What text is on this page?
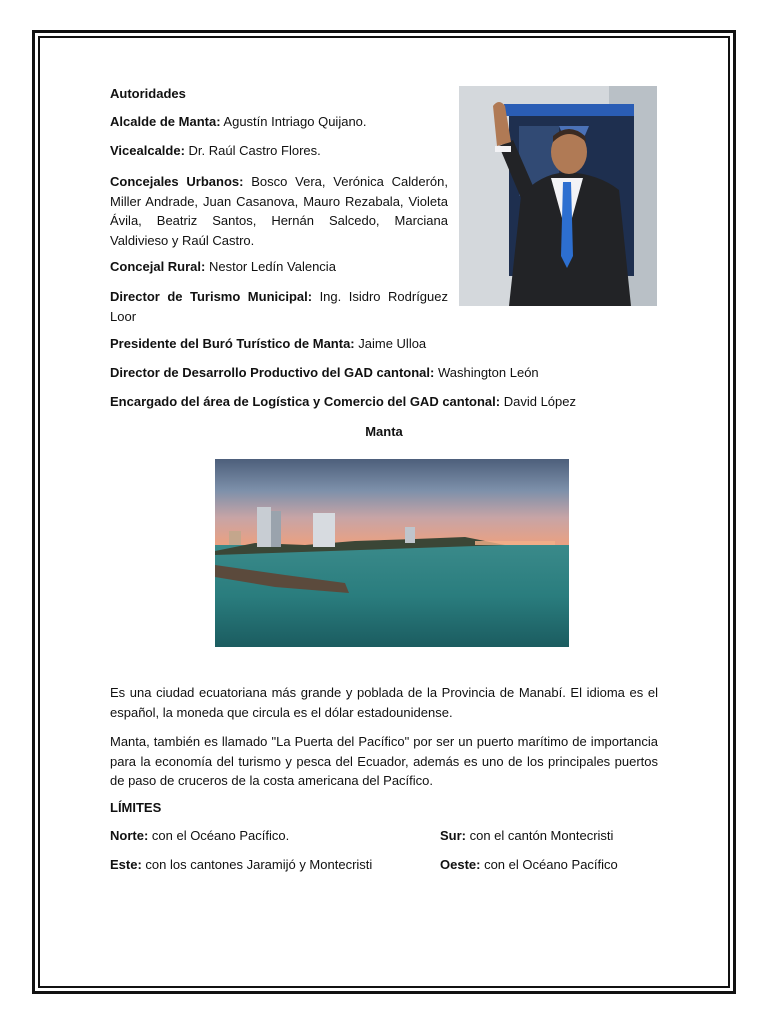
Autoridades

Alcalde de Manta: Agustín Intriago Quijano.

Vicealcalde: Dr. Raúl Castro Flores.

Concejales Urbanos: Bosco Vera, Verónica Calderón, Miller Andrade, Juan Casanova, Mauro Rezabala, Violeta Ávila, Beatriz Santos, Hernán Salcedo, Marciana Valdivieso y Raúl Castro.

Concejal Rural: Nestor Ledín Valencia

Director de Turismo Municipal: Ing. Isidro Rodríguez Loor

Presidente del Buró Turístico de Manta: Jaime Ulloa

Director de Desarrollo Productivo del GAD cantonal: Washington León

Encargado del área de Logística y Comercio del GAD cantonal: David López

Manta

Es una ciudad ecuatoriana más grande y poblada de la Provincia de Manabí. El idioma es el español, la moneda que circula es el dólar estadounidense.

Manta, también es llamado "La Puerta del Pacífico" por ser un puerto marítimo de importancia para la economía del turismo y pesca del Ecuador, además es uno de los principales puertos de paso de cruceros de la costa americana del Pacífico.

LÍMITES

Norte: con el Océano Pacífico.	Sur: con el cantón Montecristi

Este: con los cantones Jaramijó y Montecristi	Oeste: con el Océano Pacífico
